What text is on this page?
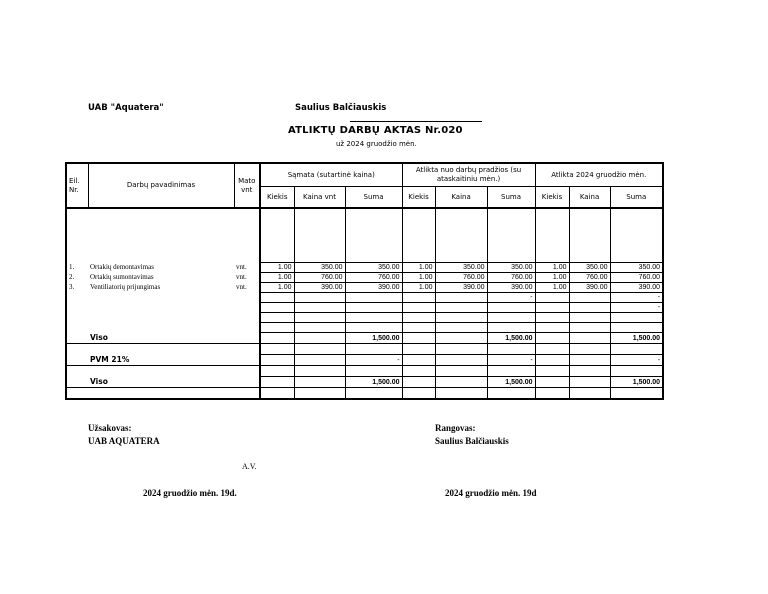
UAB "Aquatera"	Saulius Balčiauskis
ATLIKTŲ DARBŲ AKTAS Nr.020
už 2024 gruodžio mėn.
Eil. Nr.	Darbų pavadinimas	Mato vnt	Sąmata (sutartinė kaina)			Atlikta nuo darbų pradžios (su ataskaitiniu mėn.)			Atlikta 2024 gruodžio mėn.		
			Kiekis	Kaina vnt	Suma	Kiekis	Kaina	Suma	Kiekis	Kaina	Suma

1.	Ortakių demontavimas	vnt.	1.00	350.00	350.00	1.00	350.00	350.00	1.00	350.00	350.00
2.	Ortakių sumontavimas	vnt.	1.00	760.00	760.00	1.00	760.00	760.00	1.00	760.00	760.00
3.	Ventiliatorių prijungimas	vnt.	1.00	390.00	390.00	1.00	390.00	390.00	1.00	390.00	390.00
								-			-
											-

	Viso				1,500.00			1,500.00			1,500.00

	PVM 21%				-			-			-

	Viso				1,500.00			1,500.00			1,500.00

Užsakovas:
UAB AQUATERA
A.V.
2024 gruodžio mėn. 19d.
Rangovas:
Saulius Balčiauskis
2024 gruodžio mėn. 19d
